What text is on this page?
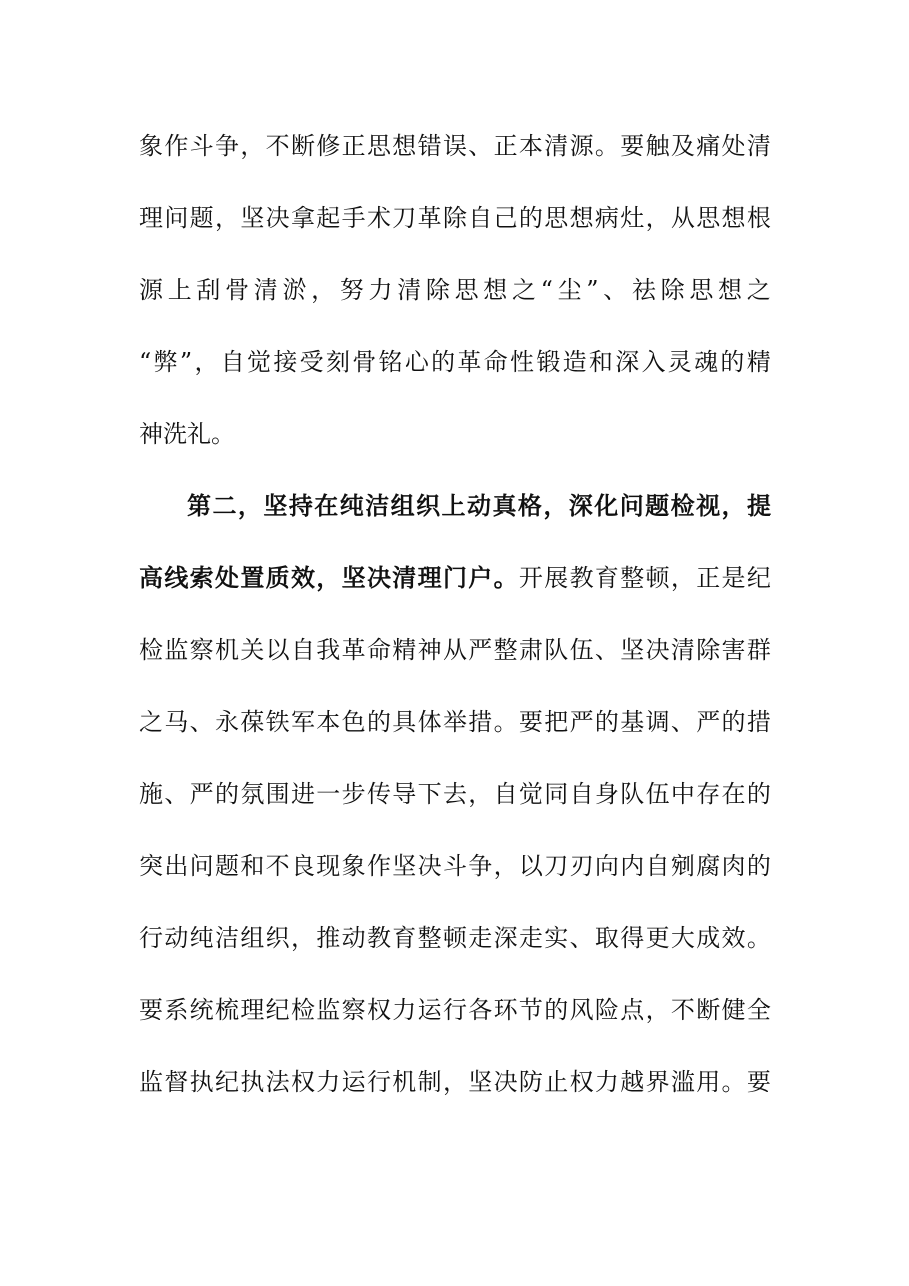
象 作 斗 争 ， 不 断 修 正 思 想 错 误 、 正 本 清 源 。 要 触 及 痛 处 清
理 问 题 ， 坚 决 拿 起 手 术 刀 革 除 自 己 的 思 想 病 灶 ， 从 思 想 根
源 上 刮 骨 清 淤 ， 努 力 清 除 思 想 之 “ 尘 ” 、 祛 除 思 想 之
“ 弊 ” ， 自 觉 接 受 刻 骨 铭 心 的 革 命 性 锻 造 和 深 入 灵 魂 的 精
神 洗 礼 。
第 二 ， 坚 持 在 纯 洁 组 织 上 动 真 格 ， 深 化 问 题 检 视 ， 提
高 线 索 处 置 质 效 ， 坚 决 清 理 门 户 。 开 展 教 育 整 顿 ， 正 是 纪
检 监 察 机 关 以 自 我 革 命 精 神 从 严 整 肃 队 伍 、 坚 决 清 除 害 群
之 马 、 永 葆 铁 军 本 色 的 具 体 举 措 。 要 把 严 的 基 调 、 严 的 措
施 、 严 的 氛 围 进 一 步 传 导 下 去 ， 自 觉 同 自 身 队 伍 中 存 在 的
突 出 问 题 和 不 良 现 象 作 坚 决 斗 争 ， 以 刀 刃 向 内 自 剜 腐 肉 的
行 动 纯 洁 组 织 ， 推 动 教 育 整 顿 走 深 走 实 、 取 得 更 大 成 效 。
要 系 统 梳 理 纪 检 监 察 权 力 运 行 各 环 节 的 风 险 点 ， 不 断 健 全
监 督 执 纪 执 法 权 力 运 行 机 制 ， 坚 决 防 止 权 力 越 界 滥 用 。 要
